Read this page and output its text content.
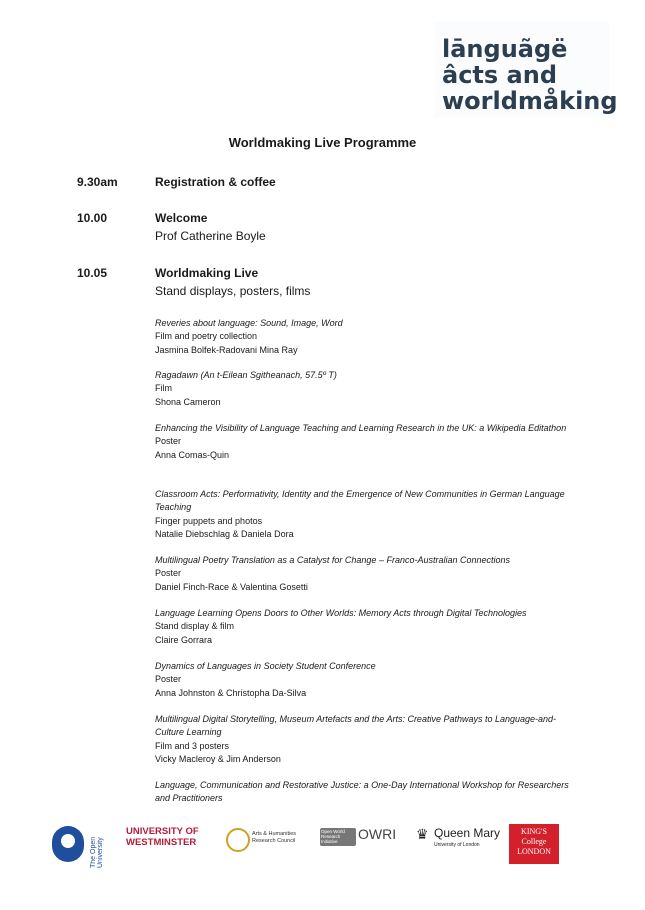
lānguãgë
âcts and
worldmåking
Worldmaking Live Programme
9.30am	Registration & coffee
10.00	Welcome
Prof Catherine Boyle
10.05	Worldmaking Live
Stand displays, posters, films
Reveries about language: Sound, Image, Word
Film and poetry collection
Jasmina Bolfek-Radovani Mina Ray
Ragadawn (An t-Eilean Sgitheanach, 57.5º T)
Film
Shona Cameron
Enhancing the Visibility of Language Teaching and Learning Research in the UK: a Wikipedia Editathon
Poster
Anna Comas-Quin
Classroom Acts: Performativity, Identity and the Emergence of New Communities in German Language Teaching
Finger puppets and photos
Natalie Diebschlag & Daniela Dora
Multilingual Poetry Translation as a Catalyst for Change – Franco-Australian Connections
Poster
Daniel Finch-Race & Valentina Gosetti
Language Learning Opens Doors to Other Worlds: Memory Acts through Digital Technologies
Stand display & film
Claire Gorrara
Dynamics of Languages in Society Student Conference
Poster
Anna Johnston & Christopha Da-Silva
Multilingual Digital Storytelling, Museum Artefacts and the Arts: Creative Pathways to Language-and-Culture Learning
Film and 3 posters
Vicky Macleroy & Jim Anderson
Language, Communication and Restorative Justice: a One-Day International Workshop for Researchers and Practitioners
The Open University
UNIVERSITY OF WESTMINSTER
Arts & Humanities Research Council
Open World Research Initiative	OWRI ♛ Queen Mary
University of London
KING'S College LONDON
